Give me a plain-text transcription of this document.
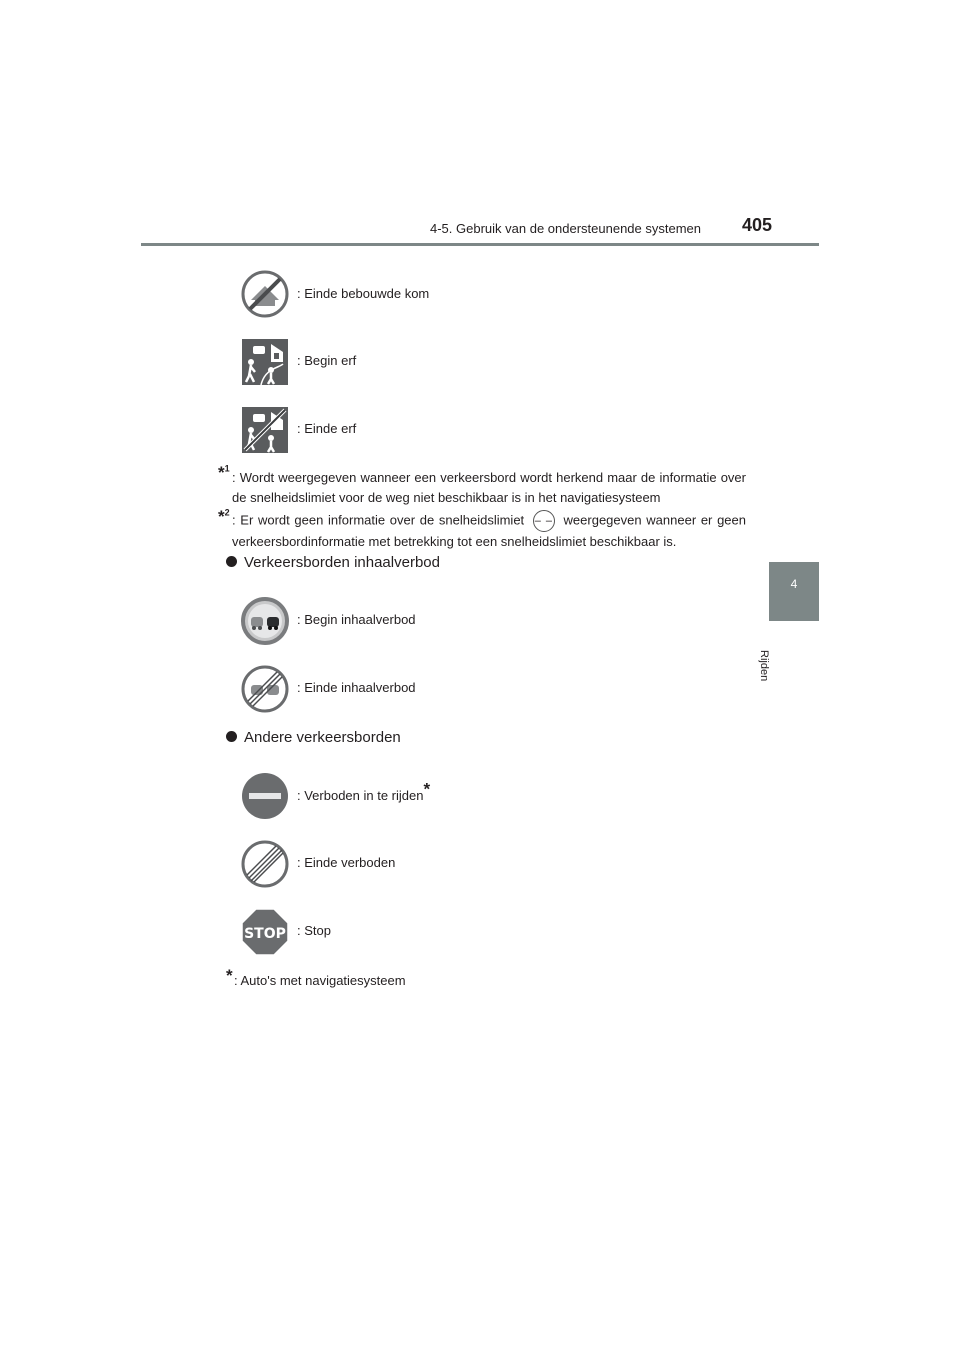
4-5. Gebruik van de ondersteunende systemen 405
4
Rijden
: Einde bebouwde kom
: Begin erf
: Einde erf
*$^1$
: Wordt weergegeven wanneer een verkeersbord wordt herkend maar de informatie over de snelheidslimiet voor de weg niet beschikbaar is in het navigatiesysteem
*$^2$
: Er wordt geen informatie over de snelheidslimiet – – weergegeven wanneer er geen verkeersbordinformatie met betrekking tot een snelheidslimiet beschikbaar is.
Verkeersborden inhaalverbod
: Begin inhaalverbod
: Einde inhaalverbod
Andere verkeersborden
: Verboden in te rijden*
: Einde verboden
STOP : Stop
* : Auto's met navigatiesysteem
